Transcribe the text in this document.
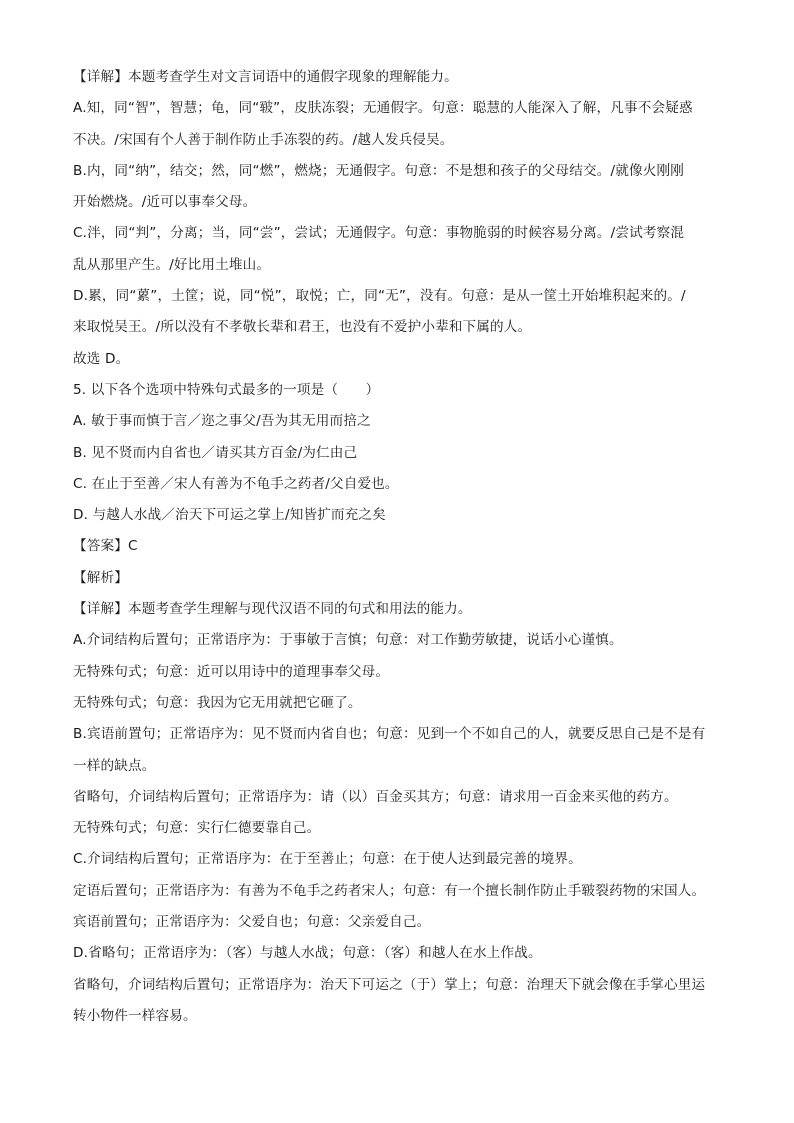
【详解】本题考查学生对文言词语中的通假字现象的理解能力。
A.知，同“智”，智慧；龟，同“皲”，皮肤冻裂；无通假字。句意：聪慧的人能深入了解，凡事不会疑惑
不决。/宋国有个人善于制作防止手冻裂的药。/越人发兵侵吴。
B.内，同“纳”，结交；然，同“燃”，燃烧；无通假字。句意：不是想和孩子的父母结交。/就像火刚刚
开始燃烧。/近可以事奉父母。
C.泮，同“判”，分离；当，同“尝”，尝试；无通假字。句意：事物脆弱的时候容易分离。/尝试考察混
乱从那里产生。/好比用土堆山。
D.累，同“蔂”，土筐；说，同“悦”，取悦；亡，同“无”，没有。句意：是从一筐土开始堆积起来的。/
来取悦吴王。/所以没有不孝敬长辈和君王，也没有不爱护小辈和下属的人。
故选 D。
5. 以下各个选项中特殊句式最多的一项是（　　）
A. 敏于事而慎于言／迩之事父/吾为其无用而掊之
B. 见不贤而内自省也／请买其方百金/为仁由己
C. 在止于至善／宋人有善为不龟手之药者/父自爱也。
D. 与越人水战／治天下可运之掌上/知皆扩而充之矣
【答案】C
【解析】
【详解】本题考查学生理解与现代汉语不同的句式和用法的能力。
A.介词结构后置句；正常语序为：于事敏于言慎；句意：对工作勤劳敏捷，说话小心谨慎。
无特殊句式；句意：近可以用诗中的道理事奉父母。
无特殊句式；句意：我因为它无用就把它砸了。
B.宾语前置句；正常语序为：见不贤而内省自也；句意：见到一个不如自己的人，就要反思自己是不是有
一样的缺点。
省略句，介词结构后置句；正常语序为：请（以）百金买其方；句意：请求用一百金来买他的药方。
无特殊句式；句意：实行仁德要靠自己。
C.介词结构后置句；正常语序为：在于至善止；句意：在于使人达到最完善的境界。
定语后置句；正常语序为：有善为不龟手之药者宋人；句意：有一个擅长制作防止手皲裂药物的宋国人。
宾语前置句；正常语序为：父爱自也；句意：父亲爱自己。
D.省略句；正常语序为：（客）与越人水战；句意：（客）和越人在水上作战。
省略句，介词结构后置句；正常语序为：治天下可运之（于）掌上；句意：治理天下就会像在手掌心里运
转小物件一样容易。
